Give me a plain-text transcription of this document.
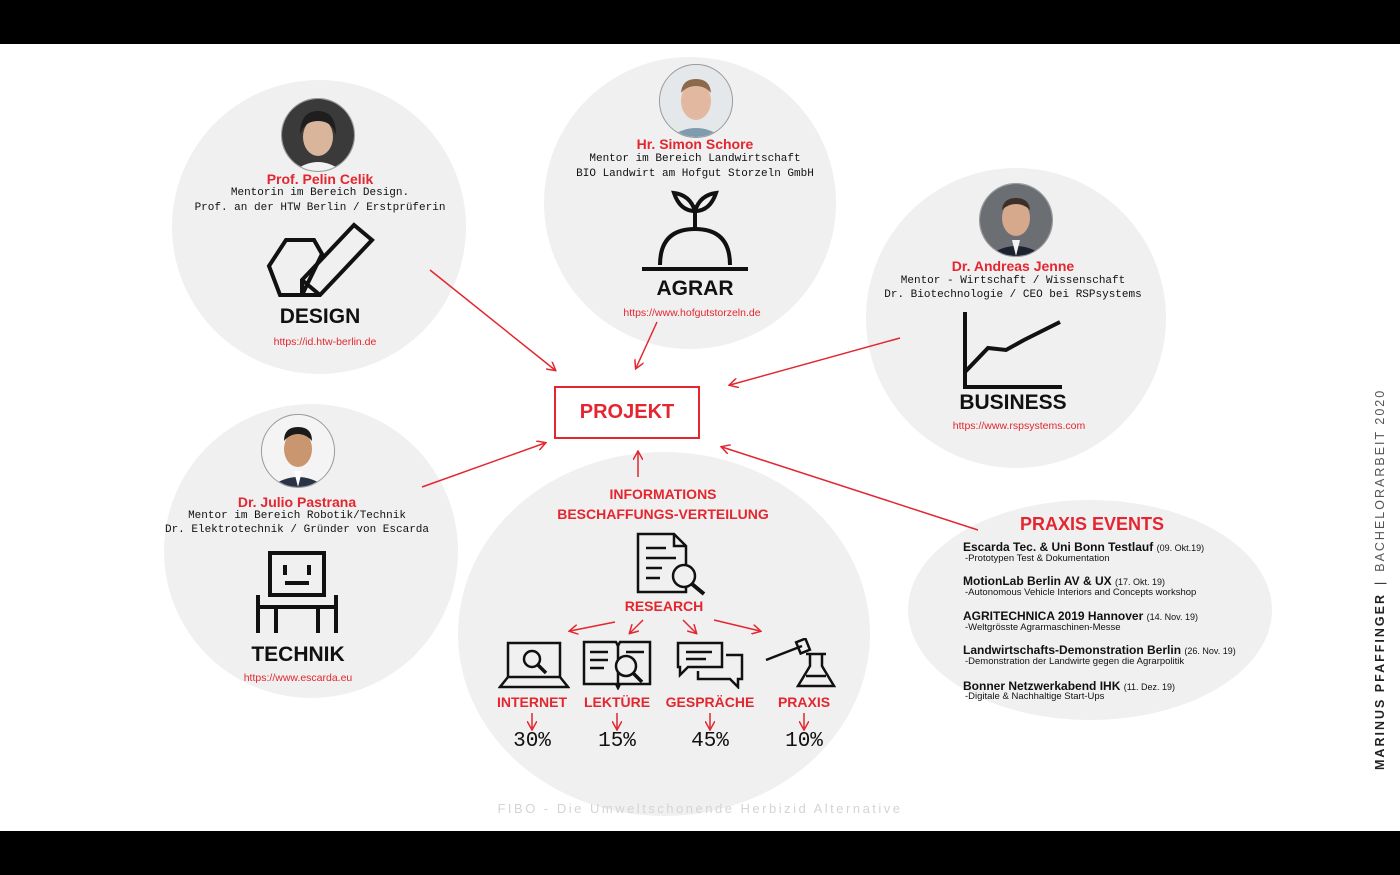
Prof. Pelin Celik
Mentorin im Bereich Design.
Prof. an der HTW Berlin / Erstprüferin
DESIGN
https://id.htw-berlin.de
Hr. Simon Schore
Mentor im Bereich Landwirtschaft
BIO Landwirt am Hofgut Storzeln GmbH
AGRAR
https://www.hofgutstorzeln.de
Dr. Andreas Jenne
Mentor - Wirtschaft / Wissenschaft
Dr. Biotechnologie / CEO bei RSPsystems
BUSINESS
https://www.rspsystems.com
Dr. Julio Pastrana
Mentor im Bereich Robotik/Technik
Dr. Elektrotechnik / Gründer von Escarda
TECHNIK
https://www.escarda.eu
PROJEKT
INFORMATIONS
BESCHAFFUNGS-VERTEILUNG
RESEARCH
INTERNET	LEKTÜRE	GESPRÄCHE	PRAXIS
30%	15%	45%	10%
PRAXIS EVENTS
Escarda Tec. & Uni Bonn Testlauf (09. Okt.19)
-Prototypen Test & Dokumentation
MotionLab Berlin AV & UX (17. Okt. 19)
-Autonomous Vehicle Interiors and Concepts workshop
AGRITECHNICA 2019 Hannover (14. Nov. 19)
-Weltgrösste Agrarmaschinen-Messe
Landwirtschafts-Demonstration Berlin (26. Nov. 19)
-Demonstration der Landwirte gegen die Agrarpolitik
Bonner Netzwerkabend IHK (11. Dez. 19)
-Digitale & Nachhaltige Start-Ups
FIBO - Die Umweltschonende Herbizid Alternative
MARINUS PFAFFINGER|BACHELORARBEIT 2020
